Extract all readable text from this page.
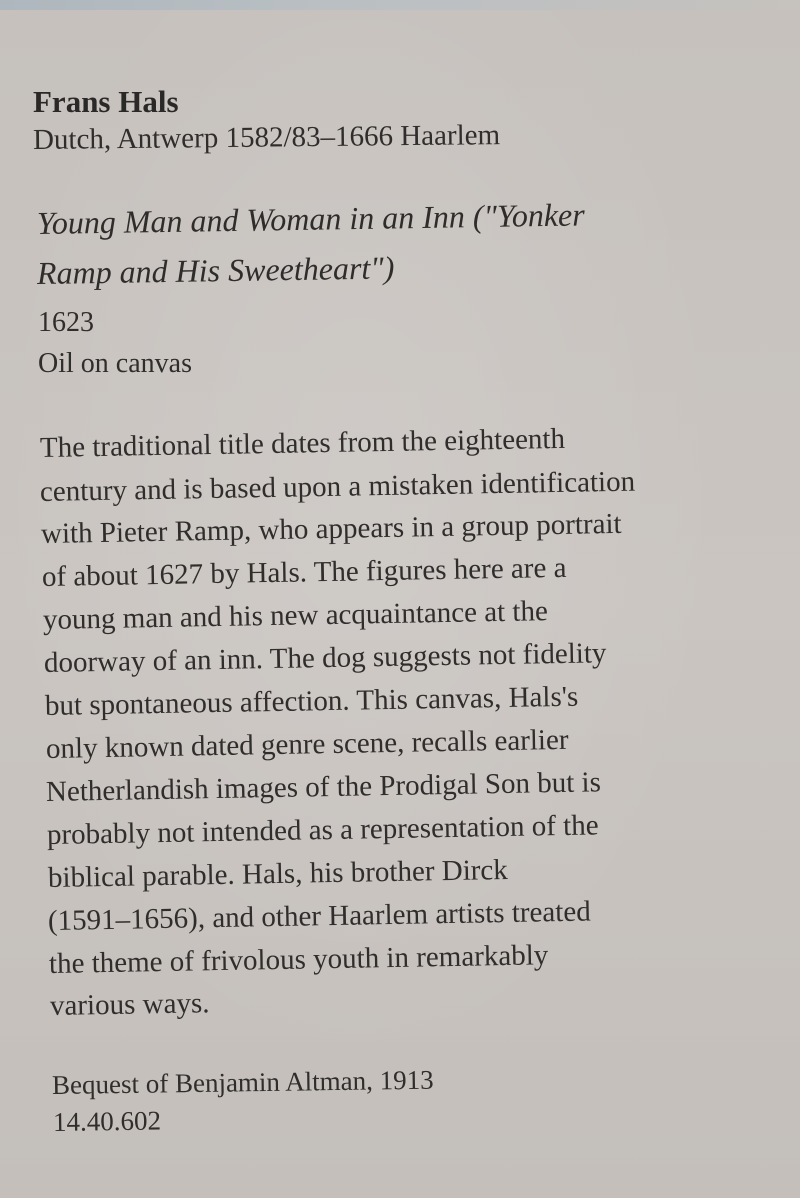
Frans Hals
Dutch, Antwerp 1582/83–1666 Haarlem
Young Man and Woman in an Inn ("Yonker
Ramp and His Sweetheart")
1623
Oil on canvas
The traditional title dates from the eighteenth
century and is based upon a mistaken identification
with Pieter Ramp, who appears in a group portrait
of about 1627 by Hals. The figures here are a
young man and his new acquaintance at the
doorway of an inn. The dog suggests not fidelity
but spontaneous affection. This canvas, Hals's
only known dated genre scene, recalls earlier
Netherlandish images of the Prodigal Son but is
probably not intended as a representation of the
biblical parable. Hals, his brother Dirck
(1591–1656), and other Haarlem artists treated
the theme of frivolous youth in remarkably
various ways.
Bequest of Benjamin Altman, 1913
14.40.602
